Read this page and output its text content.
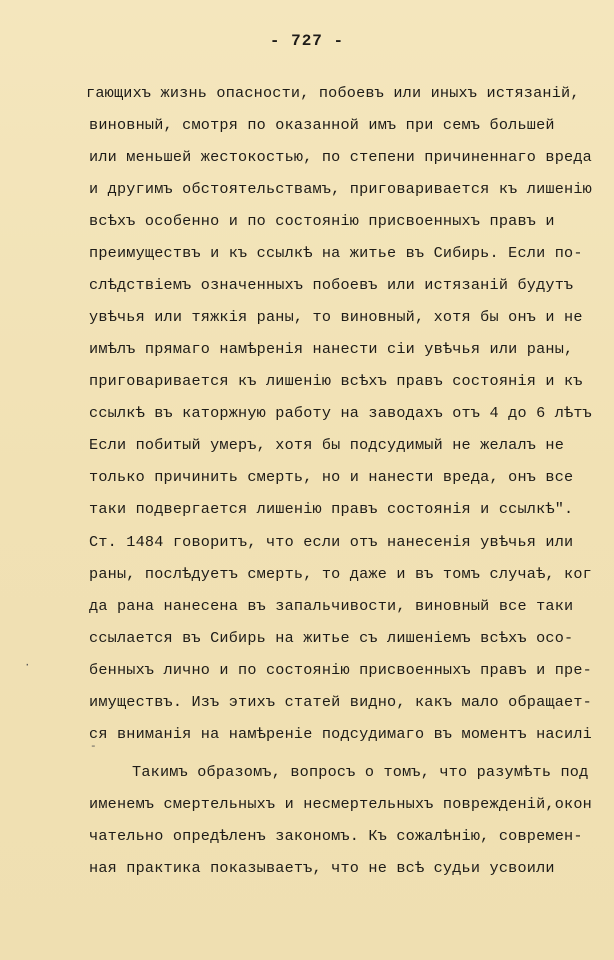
- 727 -
гающихъ жизнь опасности, побоевъ или иныхъ истязаній,
виновный, смотря по оказанной имъ при семъ большей
или меньшей жестокостью, по степени причиненнаго вреда
и другимъ обстоятельствамъ, приговаривается къ лишенію
всѣхъ особенно и по состоянію присвоенныхъ правъ и
преимуществъ и къ ссылкѣ на житье въ Сибирь. Если по-
слѣдствіемъ означенныхъ побоевъ или истязаній будутъ
увѣчья или тяжкія раны, то виновный, хотя бы онъ и не
имѣлъ прямаго намѣренія нанести сіи увѣчья или раны,
приговаривается къ лишенію всѣхъ правъ состоянія и къ
ссылкѣ въ каторжную работу на заводахъ отъ 4 до 6 лѣтъ
Если побитый умеръ, хотя бы подсудимый не желалъ не
только причинить смерть, но и нанести вреда, онъ все
таки подвергается лишенію правъ состоянія и ссылкѣ".
Ст. 1484 говоритъ, что если отъ нанесенія увѣчья или
раны, послѣдуетъ смерть, то даже и въ томъ случаѣ, ког
да рана нанесена въ запальчивости, виновный все таки
ссылается въ Сибирь на житье съ лишеніемъ всѣхъ осо-
бенныхъ лично и по состоянію присвоенныхъ правъ и пре-
имуществъ. Изъ этихъ статей видно, какъ мало обращает-
ся вниманія на намѣреніе подсудимаго въ моментъ насилі
Такимъ образомъ, вопросъ о томъ, что разумѣть под
именемъ смертельныхъ и несмертельныхъ поврежденій,окон
чательно опредѣленъ закономъ. Къ сожалѣнію, современ-
ная практика показываетъ, что не всѣ судьи усвоили
-
·
